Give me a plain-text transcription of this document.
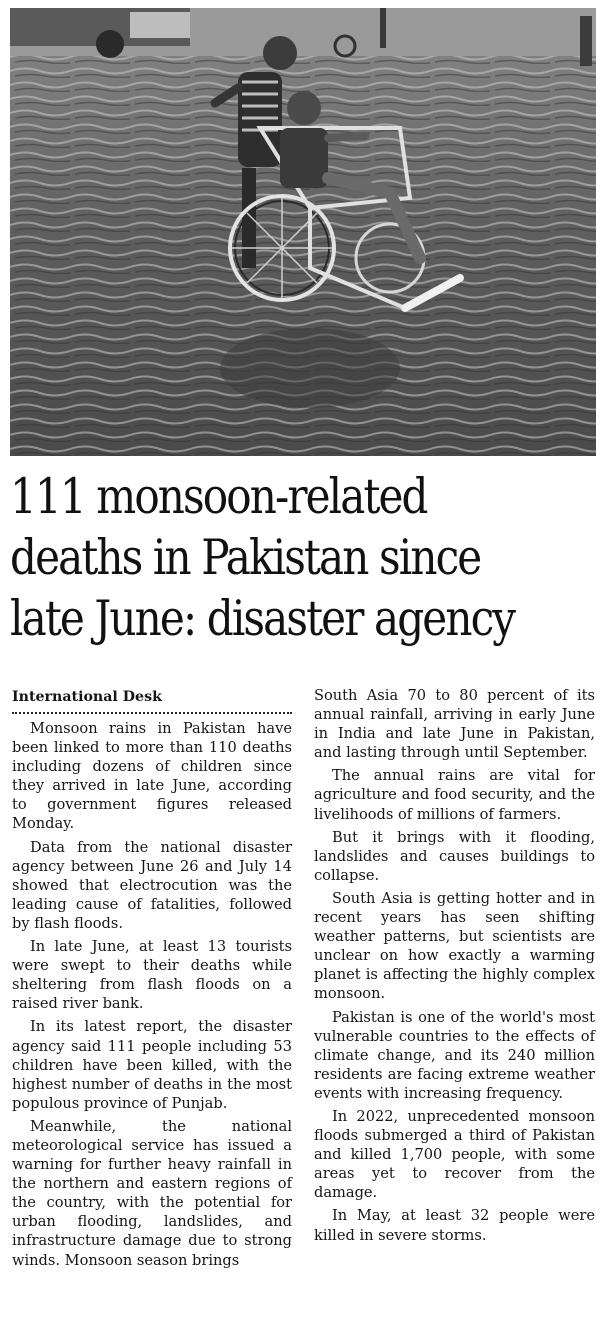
111 monsoon-related
deaths in Pakistan since
late June: disaster agency
International Desk

Monsoon rains in Pakistan have been linked to more than 110 deaths including dozens of children since they arrived in late June, according to government figures released Monday.

Data from the national disaster agency between June 26 and July 14 showed that electrocution was the leading cause of fatalities, followed by flash floods.

In late June, at least 13 tourists were swept to their deaths while sheltering from flash floods on a raised river bank.

In its latest report, the disaster agency said 111 people including 53 children have been killed, with the highest number of deaths in the most populous province of Punjab.

Meanwhile, the national meteorological service has issued a warning for further heavy rainfall in the northern and eastern regions of the country, with the potential for urban flooding, landslides, and infrastructure damage due to strong winds. Monsoon season brings

South Asia 70 to 80 percent of its annual rainfall, arriving in early June in India and late June in Pakistan, and lasting through until September.

The annual rains are vital for agriculture and food security, and the livelihoods of millions of farmers.

But it brings with it flooding, landslides and causes buildings to collapse.

South Asia is getting hotter and in recent years has seen shifting weather patterns, but scientists are unclear on how exactly a warming planet is affecting the highly complex monsoon.

Pakistan is one of the world's most vulnerable countries to the effects of climate change, and its 240 million residents are facing extreme weather events with increasing frequency.

In 2022, unprecedented monsoon floods submerged a third of Pakistan and killed 1,700 people, with some areas yet to recover from the damage.

In May, at least 32 people were killed in severe storms.
